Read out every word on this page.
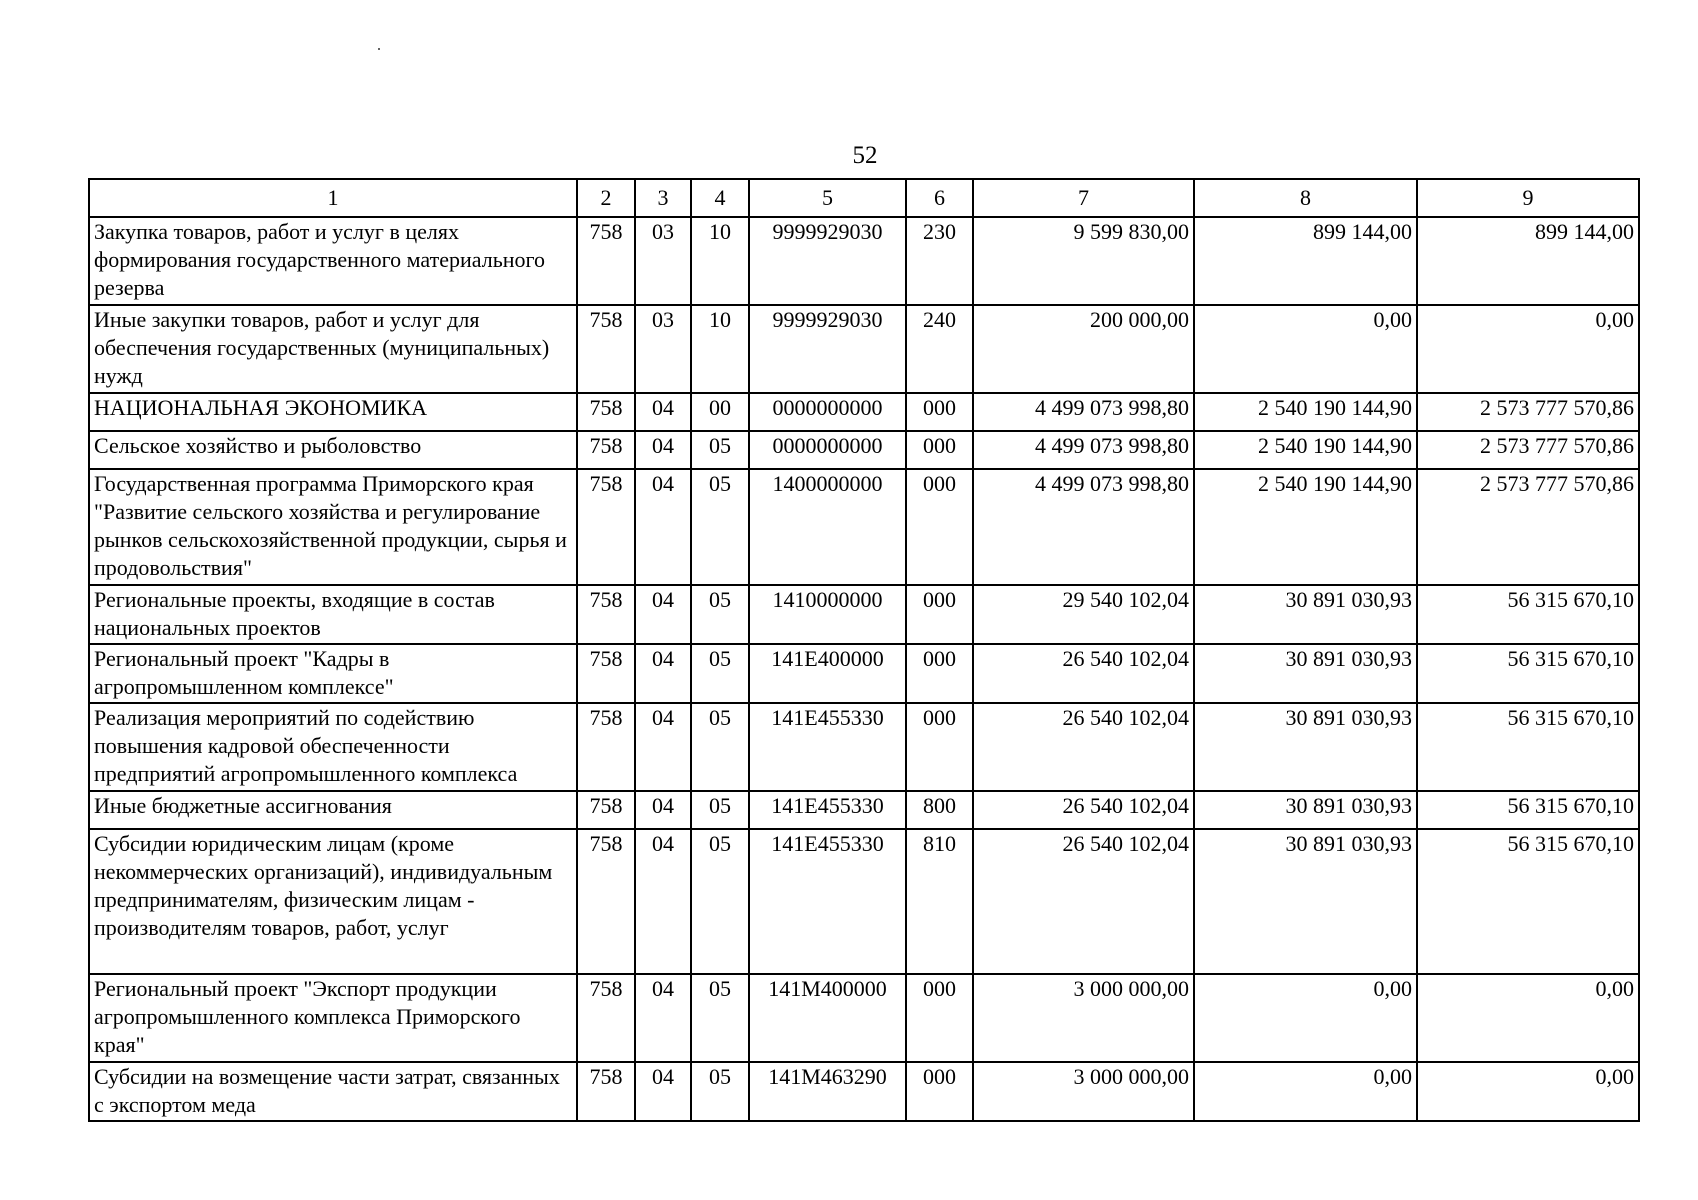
52
1	2	3	4	5	6	7	8	9
Закупка товаров, работ и услуг в целях формирования государственного материального резерва	758	03	10	9999929030	230	9 599 830,00	899 144,00	899 144,00
Иные закупки товаров, работ и услуг для обеспечения государственных (муниципальных) нужд	758	03	10	9999929030	240	200 000,00	0,00	0,00
НАЦИОНАЛЬНАЯ ЭКОНОМИКА	758	04	00	0000000000	000	4 499 073 998,80	2 540 190 144,90	2 573 777 570,86
Сельское хозяйство и рыболовство	758	04	05	0000000000	000	4 499 073 998,80	2 540 190 144,90	2 573 777 570,86
Государственная программа Приморского края "Развитие сельского хозяйства и регулирование рынков сельскохозяйственной продукции, сырья и продовольствия"	758	04	05	1400000000	000	4 499 073 998,80	2 540 190 144,90	2 573 777 570,86
Региональные проекты, входящие в состав национальных проектов	758	04	05	1410000000	000	29 540 102,04	30 891 030,93	56 315 670,10
Региональный проект "Кадры в агропромышленном комплексе"	758	04	05	141E400000	000	26 540 102,04	30 891 030,93	56 315 670,10
Реализация мероприятий по содействию повышения кадровой обеспеченности предприятий агропромышленного комплекса	758	04	05	141E455330	000	26 540 102,04	30 891 030,93	56 315 670,10
Иные бюджетные ассигнования	758	04	05	141E455330	800	26 540 102,04	30 891 030,93	56 315 670,10
Субсидии юридическим лицам (кроме некоммерческих организаций), индивидуальным предпринимателям, физическим лицам - производителям товаров, работ, услуг	758	04	05	141E455330	810	26 540 102,04	30 891 030,93	56 315 670,10
Региональный проект "Экспорт продукции агропромышленного комплекса Приморского края"	758	04	05	141M400000	000	3 000 000,00	0,00	0,00
Субсидии на возмещение части затрат, связанных с экспортом меда	758	04	05	141M463290	000	3 000 000,00	0,00	0,00
